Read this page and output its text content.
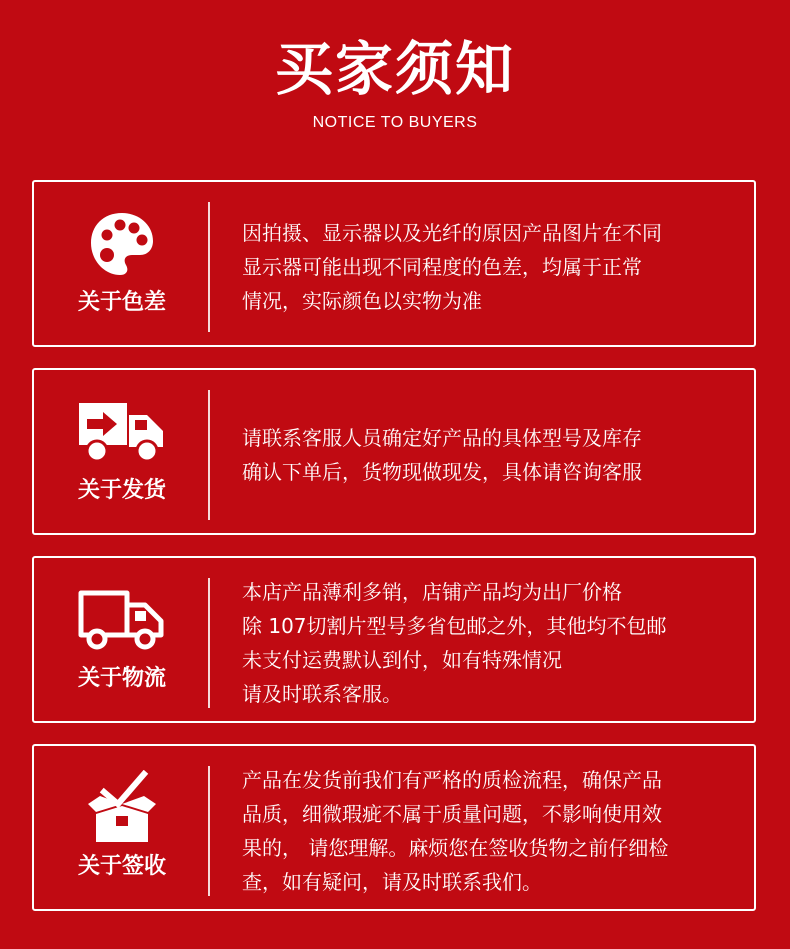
买家须知
NOTICE TO BUYERS
关于色差
因拍摄、显示器以及光纤的原因产品图片在不同
显示器可能出现不同程度的色差，均属于正常
情况，实际颜色以实物为准
关于发货
请联系客服人员确定好产品的具体型号及库存
确认下单后，货物现做现发，具体请咨询客服
关于物流
本店产品薄利多销，店铺产品均为出厂价格
除 107切割片型号多省包邮之外，其他均不包邮
未支付运费默认到付，如有特殊情况
请及时联系客服。
关于签收
产品在发货前我们有严格的质检流程，确保产品
品质，细微瑕疵不属于质量问题，不影响使用效
果的， 请您理解。麻烦您在签收货物之前仔细检
查，如有疑问，请及时联系我们。
